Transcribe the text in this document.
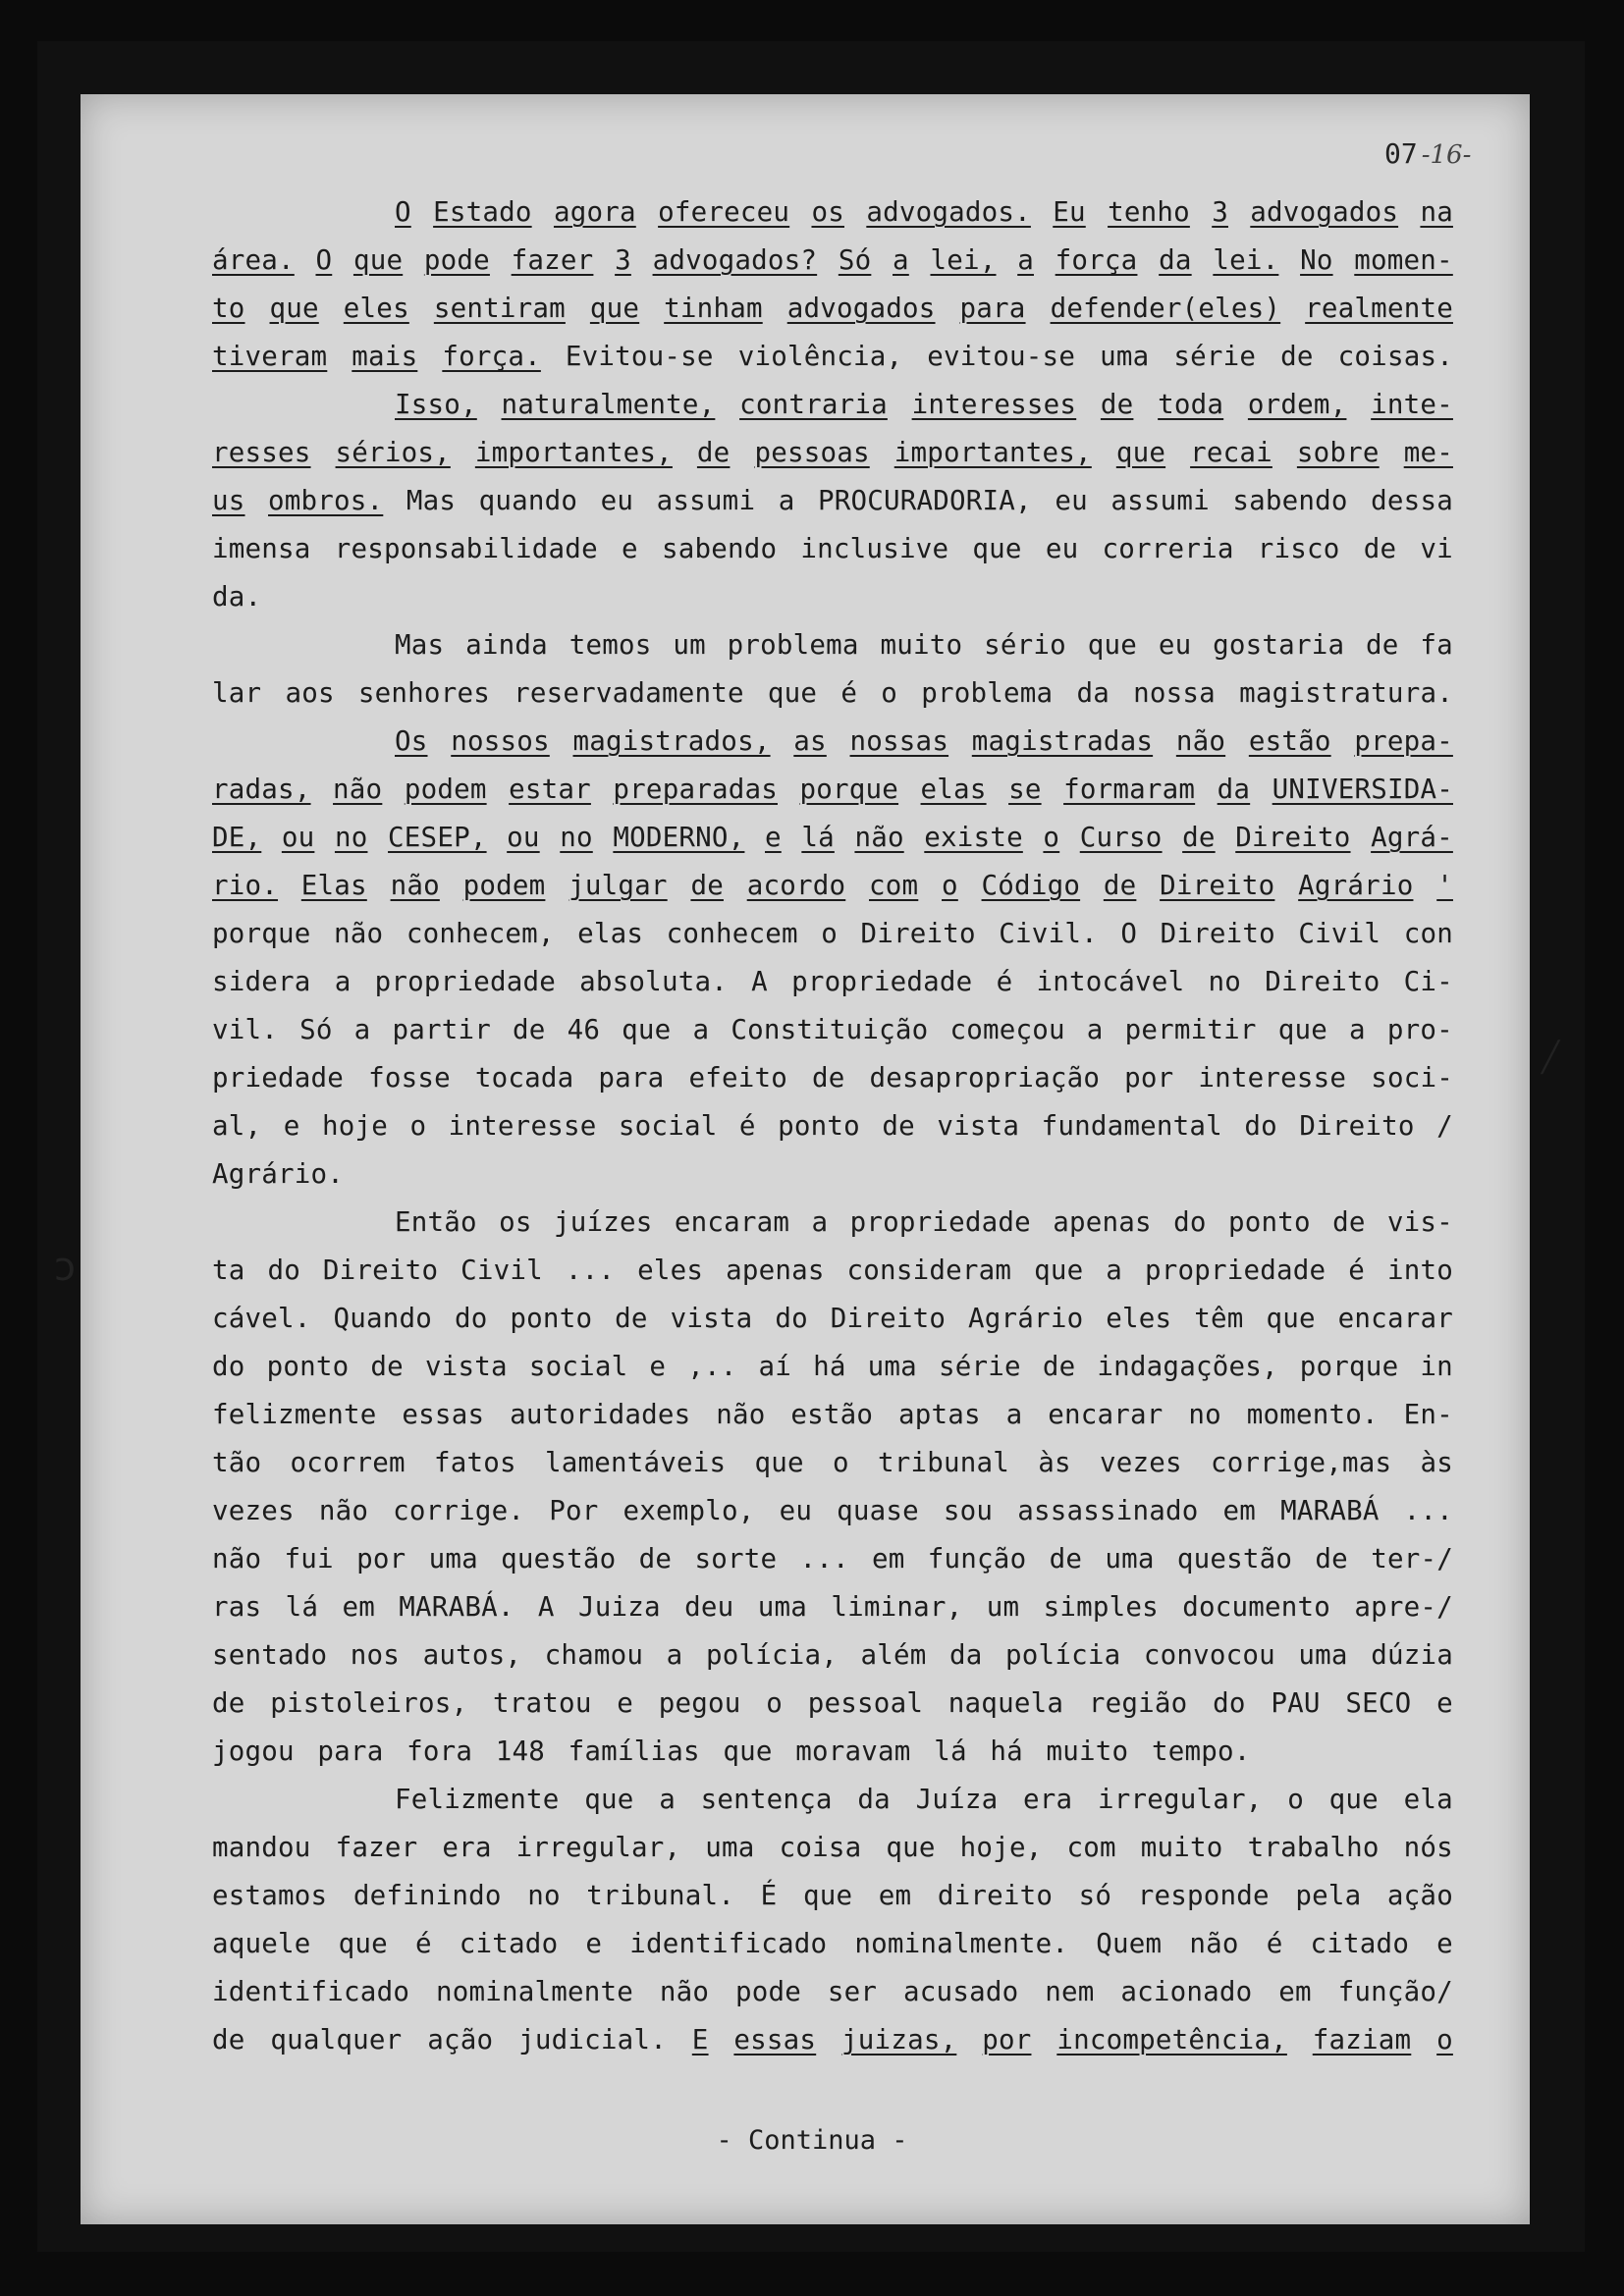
07 -16-
O Estado agora ofereceu os advogados. Eu tenho 3 advogados na
área. O que pode fazer 3 advogados? Só a lei, a força da lei. No momen-
to que eles sentiram que tinham advogados para defender(eles) realmente
tiveram mais força. Evitou-se violência, evitou-se uma série de coisas.
Isso, naturalmente, contraria interesses de toda ordem, inte-
resses sérios, importantes, de pessoas importantes, que recai sobre me-
us ombros. Mas quando eu assumi a PROCURADORIA, eu assumi sabendo dessa
imensa responsabilidade e sabendo inclusive que eu correria risco de vi
da.
Mas ainda temos um problema muito sério que eu gostaria de fa
lar aos senhores reservadamente que é o problema da nossa magistratura.
Os nossos magistrados, as nossas magistradas não estão prepa-
radas, não podem estar preparadas porque elas se formaram da UNIVERSIDA-
DE, ou no CESEP, ou no MODERNO, e lá não existe o Curso de Direito Agrá-
rio. Elas não podem julgar de acordo com o Código de Direito Agrário '
porque não conhecem, elas conhecem o Direito Civil. O Direito Civil con
sidera a propriedade absoluta. A propriedade é intocável no Direito Ci-
vil. Só a partir de 46 que a Constituição começou a permitir que a pro-
priedade fosse tocada para efeito de desapropriação por interesse soci-
al, e hoje o interesse social é ponto de vista fundamental do Direito /
Agrário.
Então os juízes encaram a propriedade apenas do ponto de vis-
ta do Direito Civil ... eles apenas consideram que a propriedade é into
cável. Quando do ponto de vista do Direito Agrário eles têm que encarar
do ponto de vista social e ,.. aí há uma série de indagações, porque in
felizmente essas autoridades não estão aptas a encarar no momento. En-
tão ocorrem fatos lamentáveis que o tribunal às vezes corrige,mas às
vezes não corrige. Por exemplo, eu quase sou assassinado em MARABÁ ...
não fui por uma questão de sorte ... em função de uma questão de ter-/
ras lá em MARABÁ. A Juiza deu uma liminar, um simples documento apre-/
sentado nos autos, chamou a polícia, além da polícia convocou uma dúzia
de pistoleiros, tratou e pegou o pessoal naquela região do PAU SECO e
jogou para fora 148 famílias que moravam lá há muito tempo.
Felizmente que a sentença da Juíza era irregular, o que ela
mandou fazer era irregular, uma coisa que hoje, com muito trabalho nós
estamos definindo no tribunal. É que em direito só responde pela ação
aquele que é citado e identificado nominalmente. Quem não é citado e
identificado nominalmente não pode ser acusado nem acionado em função/
de qualquer ação judicial. E essas juizas, por incompetência, faziam o
- Continua -
ↄ
╱
